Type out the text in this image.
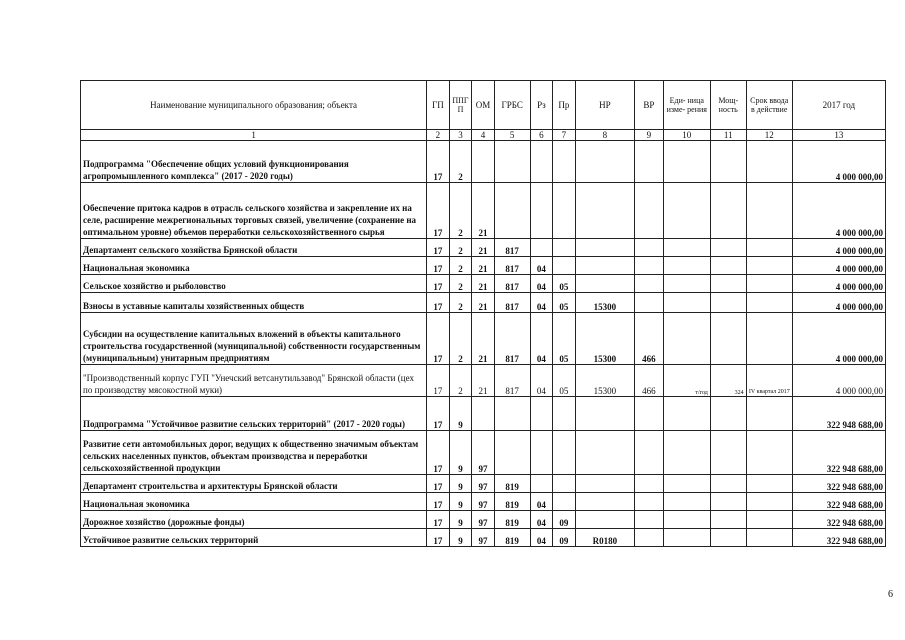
Наименование муниципального образования; объекта	ГП	ППГ П	ОМ	ГРБС	Рз	Пр	НР	ВР	Еди- ница изме- рения	Мощ- ность	Срок ввода в действие	2017 год
1	2	3	4	5	6	7	8	9	10	11	12	13
Подпрограмма "Обеспечение общих условий функционирования агропромышленного комплекса" (2017 - 2020 годы)	17	2										4 000 000,00
Обеспечение притока кадров в отрасль сельского хозяйства и закрепление их на селе, расширение межрегиональных торговых связей, увеличение (сохранение на оптимальном уровне) объемов переработки сельскохозяйственного сырья	17	2	21									4 000 000,00
Департамент сельского хозяйства Брянской области	17	2	21	817								4 000 000,00
Национальная экономика	17	2	21	817	04							4 000 000,00
Сельское хозяйство и рыболовство	17	2	21	817	04	05						4 000 000,00
Взносы в уставные капиталы хозяйственных обществ	17	2	21	817	04	05	15300					4 000 000,00
Субсидии на осуществление капитальных вложений в объекты капитального строительства государственной (муниципальной) собственности государственным (муниципальным) унитарным предприятиям	17	2	21	817	04	05	15300	466				4 000 000,00
"Производственный корпус ГУП "Унечский ветсанутильзавод" Брянской области (цех по производству мясокостной муки)	17	2	21	817	04	05	15300	466	т/год	324	IV квартал 2017	4 000 000,00
Подпрограмма "Устойчивое развитие сельских территорий" (2017 - 2020 годы)	17	9										322 948 688,00
Развитие сети автомобильных дорог, ведущих к общественно значимым объектам сельских населенных пунктов, объектам производства и переработки сельскохозяйственной продукции	17	9	97									322 948 688,00
Департамент строительства и архитектуры Брянской области	17	9	97	819								322 948 688,00
Национальная экономика	17	9	97	819	04							322 948 688,00
Дорожное хозяйство (дорожные фонды)	17	9	97	819	04	09						322 948 688,00
Устойчивое развитие сельских территорий	17	9	97	819	04	09	R0180					322 948 688,00
6
